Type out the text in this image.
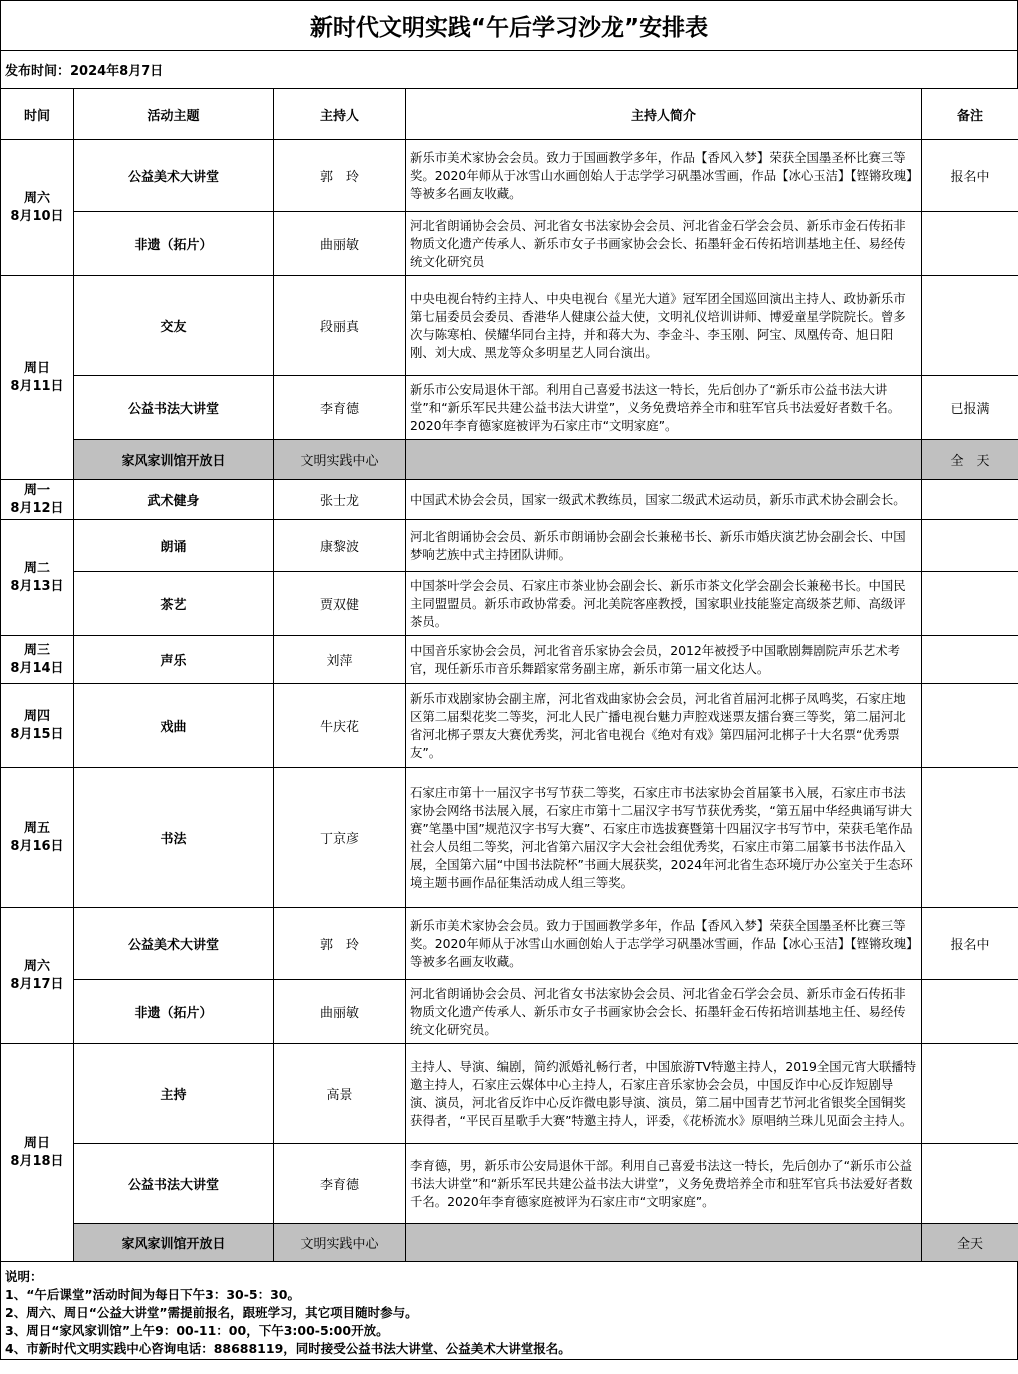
新时代文明实践“午后学习沙龙”安排表
发布时间：2024年8月7日
时间	活动主题	主持人	主持人简介	备注
周六
8月10日	公益美术大讲堂	郭　玲	新乐市美术家协会会员。致力于国画教学多年，作品【香风入梦】荣获全国墨圣杯比赛三等奖。2020年师从于冰雪山水画创始人于志学学习矾墨冰雪画，作品【冰心玉洁】【铿锵玫瑰】等被多名画友收藏。	报名中
	非遗（拓片）	曲丽敏	河北省朗诵协会会员、河北省女书法家协会会员、河北省金石学会会员、新乐市金石传拓非物质文化遗产传承人、新乐市女子书画家协会会长、拓墨轩金石传拓培训基地主任、易经传统文化研究员	
周日
8月11日	交友	段丽真	中央电视台特约主持人、中央电视台《星光大道》冠军团全国巡回演出主持人、政协新乐市第七届委员会委员、香港华人健康公益大使，文明礼仪培训讲师、博爱童星学院院长。曾多次与陈寒柏、侯耀华同台主持，并和蒋大为、李金斗、李玉刚、阿宝、凤凰传奇、旭日阳刚、刘大成、黑龙等众多明星艺人同台演出。	
	公益书法大讲堂	李育德	新乐市公安局退休干部。利用自己喜爱书法这一特长，先后创办了“新乐市公益书法大讲堂”和“新乐军民共建公益书法大讲堂”，义务免费培养全市和驻军官兵书法爱好者数千名。2020年李育德家庭被评为石家庄市“文明家庭”。	已报满
	家风家训馆开放日	文明实践中心		全　天
周一
8月12日	武术健身	张士龙	中国武术协会会员，国家一级武术教练员，国家二级武术运动员，新乐市武术协会副会长。	
周二
8月13日	朗诵	康黎波	河北省朗诵协会会员、新乐市朗诵协会副会长兼秘书长、新乐市婚庆演艺协会副会长、中国梦响艺族中式主持团队讲师。	
	茶艺	贾双健	中国茶叶学会会员、石家庄市茶业协会副会长、新乐市茶文化学会副会长兼秘书长。中国民主同盟盟员。新乐市政协常委。河北美院客座教授，国家职业技能鉴定高级茶艺师、高级评茶员。	
周三
8月14日	声乐	刘萍	中国音乐家协会会员，河北省音乐家协会会员，2012年被授予中国歌剧舞剧院声乐艺术考官，现任新乐市音乐舞蹈家常务副主席，新乐市第一届文化达人。	
周四
8月15日	戏曲	牛庆花	新乐市戏剧家协会副主席，河北省戏曲家协会会员，河北省首届河北梆子凤鸣奖，石家庄地区第二届梨花奖二等奖，河北人民广播电视台魅力声腔戏迷票友擂台赛三等奖，第二届河北省河北梆子票友大赛优秀奖，河北省电视台《绝对有戏》第四届河北梆子十大名票“优秀票友”。	
周五
8月16日	书法	丁京彦	石家庄市第十一届汉字书写节获二等奖，石家庄市书法家协会首届篆书入展，石家庄市书法家协会网络书法展入展，石家庄市第十二届汉字书写节获优秀奖，“第五届中华经典诵写讲大赛”笔墨中国”规范汉字书写大赛”、石家庄市选拔赛暨第十四届汉字书写节中，荣获毛笔作品社会人员组二等奖，河北省第六届汉字大会社会组优秀奖，石家庄市第二届篆书书法作品入展，全国第六届“中国书法院杯”书画大展获奖，2024年河北省生态环境厅办公室关于生态环境主题书画作品征集活动成人组三等奖。	
周六
8月17日	公益美术大讲堂	郭　玲	新乐市美术家协会会员。致力于国画教学多年，作品【香风入梦】荣获全国墨圣杯比赛三等奖。2020年师从于冰雪山水画创始人于志学学习矾墨冰雪画，作品【冰心玉洁】【铿锵玫瑰】等被多名画友收藏。	报名中
	非遗（拓片）	曲丽敏	河北省朗诵协会会员、河北省女书法家协会会员、河北省金石学会会员、新乐市金石传拓非物质文化遗产传承人、新乐市女子书画家协会会长、拓墨轩金石传拓培训基地主任、易经传统文化研究员。	
周日
8月18日	主持	高景	主持人、导演、编剧，简约派婚礼畅行者，中国旅游TV特邀主持人，2019全国元宵大联播特邀主持人，石家庄云媒体中心主持人，石家庄音乐家协会会员，中国反诈中心反诈短剧导演、演员，河北省反诈中心反诈微电影导演、演员，第二届中国青艺节河北省银奖全国铜奖获得者，“平民百星歌手大赛”特邀主持人，评委，《花桥流水》原唱纳兰珠儿见面会主持人。	
	公益书法大讲堂	李育德	李育德，男，新乐市公安局退休干部。利用自己喜爱书法这一特长，先后创办了“新乐市公益书法大讲堂”和“新乐军民共建公益书法大讲堂”，义务免费培养全市和驻军官兵书法爱好者数千名。2020年李育德家庭被评为石家庄市“文明家庭”。	
	家风家训馆开放日	文明实践中心		全天
说明：
1、“午后课堂”活动时间为每日下午3：30-5：30。
2、周六、周日“公益大讲堂”需提前报名，跟班学习，其它项目随时参与。
3、周日“家风家训馆”上午9：00-11：00，下午3:00-5:00开放。
4、市新时代文明实践中心咨询电话：88688119，同时接受公益书法大讲堂、公益美术大讲堂报名。
